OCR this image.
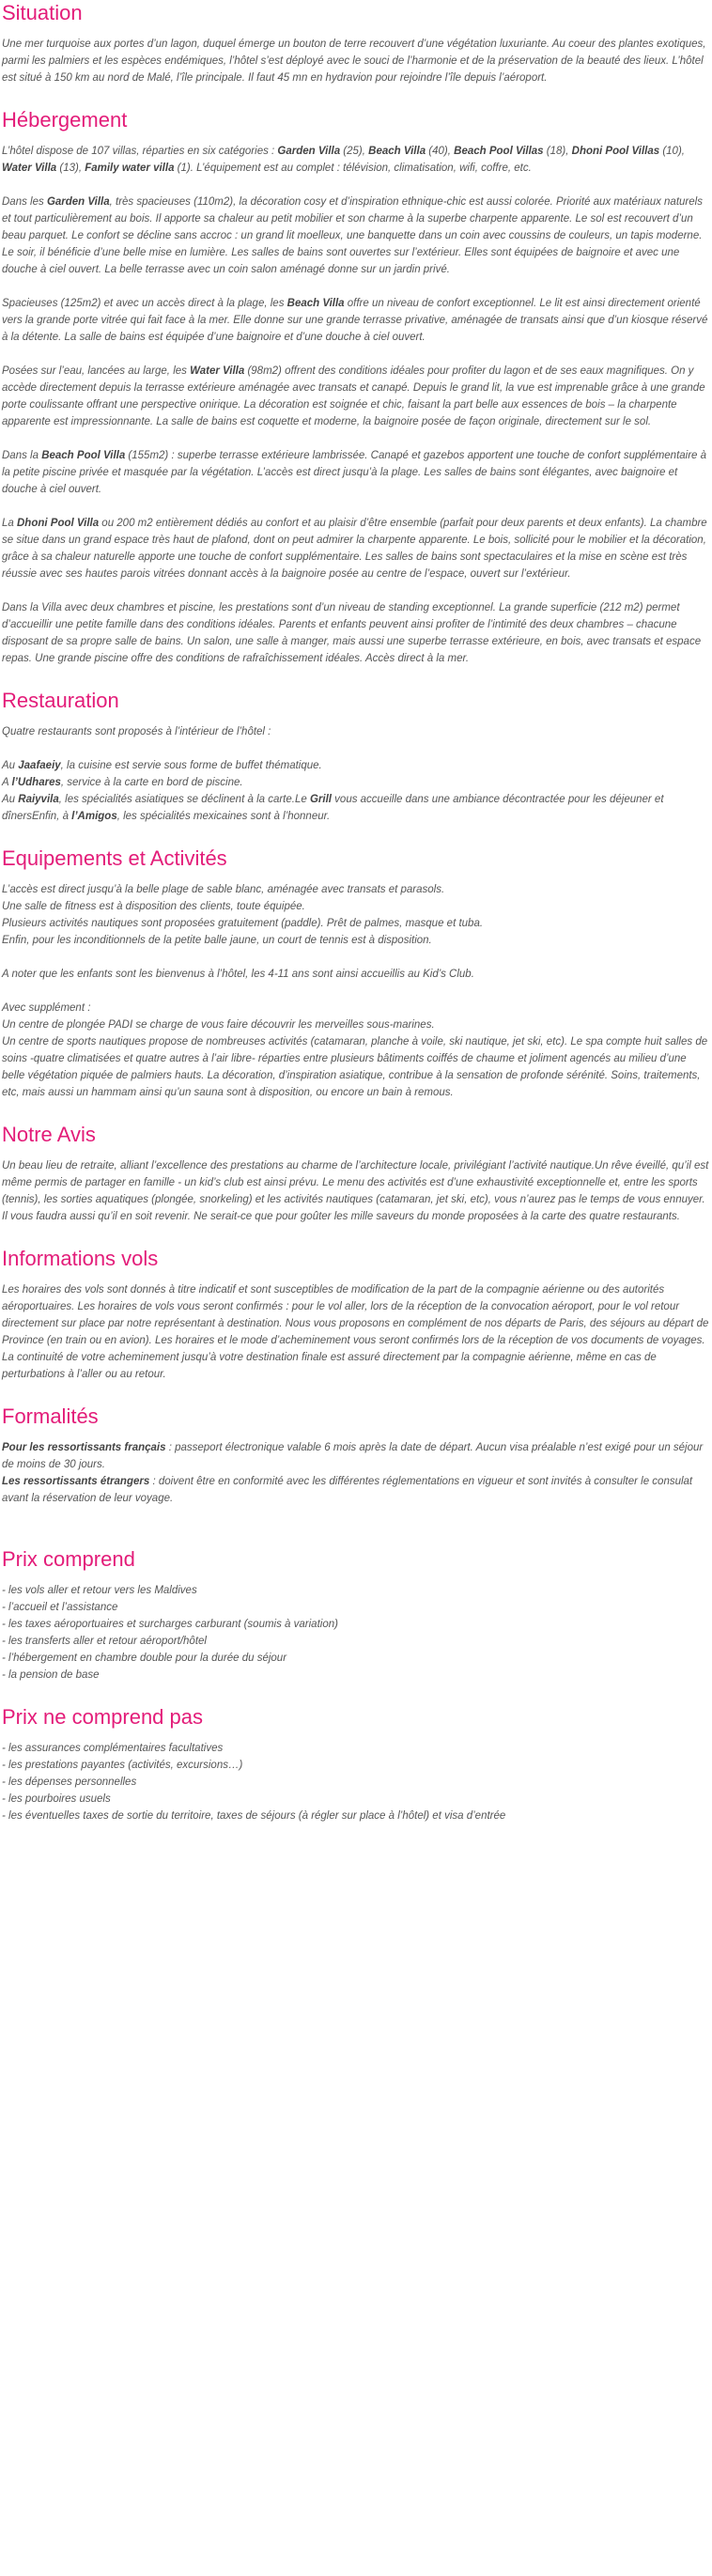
Situation

Une mer turquoise aux portes d’un lagon, duquel émerge un bouton de terre recouvert d’une végétation luxuriante. Au coeur des plantes exotiques, parmi les palmiers et les espèces endémiques, l’hôtel s’est déployé avec le souci de l’harmonie et de la préservation de la beauté des lieux. L’hôtel est situé à 150 km au nord de Malé, l’île principale. Il faut 45 mn en hydravion pour rejoindre l’île depuis l’aéroport.

Hébergement

L’hôtel dispose de 107 villas, réparties en six catégories : Garden Villa (25), Beach Villa (40), Beach Pool Villas (18), Dhoni Pool Villas (10), Water Villa (13), Family water villa (1). L’équipement est au complet : télévision, climatisation, wifi, coffre, etc.

Dans les Garden Villa, très spacieuses (110m2), la décoration cosy et d’inspiration ethnique-chic est aussi colorée. Priorité aux matériaux naturels et tout particulièrement au bois. Il apporte sa chaleur au petit mobilier et son charme à la superbe charpente apparente. Le sol est recouvert d’un beau parquet. Le confort se décline sans accroc : un grand lit moelleux, une banquette dans un coin avec coussins de couleurs, un tapis moderne. Le soir, il bénéficie d’une belle mise en lumière. Les salles de bains sont ouvertes sur l’extérieur. Elles sont équipées de baignoire et avec une douche à ciel ouvert. La belle terrasse avec un coin salon aménagé donne sur un jardin privé.

Spacieuses (125m2) et avec un accès direct à la plage, les Beach Villa offre un niveau de confort exceptionnel. Le lit est ainsi directement orienté vers la grande porte vitrée qui fait face à la mer. Elle donne sur une grande terrasse privative, aménagée de transats ainsi que d’un kiosque réservé à la détente. La salle de bains est équipée d’une baignoire et d’une douche à ciel ouvert.

Posées sur l’eau, lancées au large, les Water Villa (98m2) offrent des conditions idéales pour profiter du lagon et de ses eaux magnifiques. On y accède directement depuis la terrasse extérieure aménagée avec transats et canapé. Depuis le grand lit, la vue est imprenable grâce à une grande porte coulissante offrant une perspective onirique. La décoration est soignée et chic, faisant la part belle aux essences de bois – la charpente apparente est impressionnante. La salle de bains est coquette et moderne, la baignoire posée de façon originale, directement sur le sol.

Dans la Beach Pool Villa (155m2) : superbe terrasse extérieure lambrissée. Canapé et gazebos apportent une touche de confort supplémentaire à la petite piscine privée et masquée par la végétation. L’accès est direct jusqu’à la plage. Les salles de bains sont élégantes, avec baignoire et douche à ciel ouvert.

La Dhoni Pool Villa ou 200 m2 entièrement dédiés au confort et au plaisir d’être ensemble (parfait pour deux parents et deux enfants). La chambre se situe dans un grand espace très haut de plafond, dont on peut admirer la charpente apparente. Le bois, sollicité pour le mobilier et la décoration, grâce à sa chaleur naturelle apporte une touche de confort supplémentaire. Les salles de bains sont spectaculaires et la mise en scène est très réussie avec ses hautes parois vitrées donnant accès à la baignoire posée au centre de l’espace, ouvert sur l’extérieur.

Dans la Villa avec deux chambres et piscine, les prestations sont d’un niveau de standing exceptionnel. La grande superficie (212 m2) permet d’accueillir une petite famille dans des conditions idéales. Parents et enfants peuvent ainsi profiter de l’intimité des deux chambres – chacune disposant de sa propre salle de bains. Un salon, une salle à manger, mais aussi une superbe terrasse extérieure, en bois, avec transats et espace repas. Une grande piscine offre des conditions de rafraîchissement idéales. Accès direct à la mer.

Restauration

Quatre restaurants sont proposés à l’intérieur de l’hôtel :

Au Jaafaeiy, la cuisine est servie sous forme de buffet thématique.

A l’Udhares, service à la carte en bord de piscine.

Au Raiyvila, les spécialités asiatiques se déclinent à la carte.Le Grill vous accueille dans une ambiance décontractée pour les déjeuner et dînersEnfin, à l’Amigos, les spécialités mexicaines sont à l’honneur.

Equipements et Activités

L’accès est direct jusqu’à la belle plage de sable blanc, aménagée avec transats et parasols.

Une salle de fitness est à disposition des clients, toute équipée.

Plusieurs activités nautiques sont proposées gratuitement (paddle). Prêt de palmes, masque et tuba.

Enfin, pour les inconditionnels de la petite balle jaune, un court de tennis est à disposition.

A noter que les enfants sont les bienvenus à l’hôtel, les 4-11 ans sont ainsi accueillis au Kid’s Club.

Avec supplément :

Un centre de plongée PADI se charge de vous faire découvrir les merveilles sous-marines.

Un centre de sports nautiques propose de nombreuses activités (catamaran, planche à voile, ski nautique, jet ski, etc). Le spa compte huit salles de soins -quatre climatisées et quatre autres à l’air libre- réparties entre plusieurs bâtiments coiffés de chaume et joliment agencés au milieu d’une belle végétation piquée de palmiers hauts. La décoration, d’inspiration asiatique, contribue à la sensation de profonde sérénité. Soins, traitements, etc, mais aussi un hammam ainsi qu’un sauna sont à disposition, ou encore un bain à remous.

Notre Avis

Un beau lieu de retraite, alliant l’excellence des prestations au charme de l’architecture locale, privilégiant l’activité nautique.Un rêve éveillé, qu’il est même permis de partager en famille - un kid’s club est ainsi prévu. Le menu des activités est d’une exhaustivité exceptionnelle et, entre les sports (tennis), les sorties aquatiques (plongée, snorkeling) et les activités nautiques (catamaran, jet ski, etc), vous n’aurez pas le temps de vous ennuyer. Il vous faudra aussi qu’il en soit revenir. Ne serait-ce que pour goûter les mille saveurs du monde proposées à la carte des quatre restaurants.

Informations vols

Les horaires des vols sont donnés à titre indicatif et sont susceptibles de modification de la part de la compagnie aérienne ou des autorités aéroportuaires. Les horaires de vols vous seront confirmés : pour le vol aller, lors de la réception de la convocation aéroport, pour le vol retour directement sur place par notre représentant à destination. Nous vous proposons en complément de nos départs de Paris, des séjours au départ de Province (en train ou en avion). Les horaires et le mode d’acheminement vous seront confirmés lors de la réception de vos documents de voyages. La continuité de votre acheminement jusqu’à votre destination finale est assuré directement par la compagnie aérienne, même en cas de perturbations à l’aller ou au retour.

Formalités

Pour les ressortissants français : passeport électronique valable 6 mois après la date de départ. Aucun visa préalable n’est exigé pour un séjour de moins de 30 jours.

Les ressortissants étrangers : doivent être en conformité avec les différentes réglementations en vigueur et sont invités à consulter le consulat avant la réservation de leur voyage.

Prix comprend
- les vols aller et retour vers les Maldives
- l’accueil et l’assistance
- les taxes aéroportuaires et surcharges carburant (soumis à variation)
- les transferts aller et retour aéroport/hôtel
- l’hébergement en chambre double pour la durée du séjour
- la pension de base
Prix ne comprend pas
- les assurances complémentaires facultatives
- les prestations payantes (activités, excursions…)
- les dépenses personnelles
- les pourboires usuels
- les éventuelles taxes de sortie du territoire, taxes de séjours (à régler sur place à l’hôtel) et visa d’entrée
